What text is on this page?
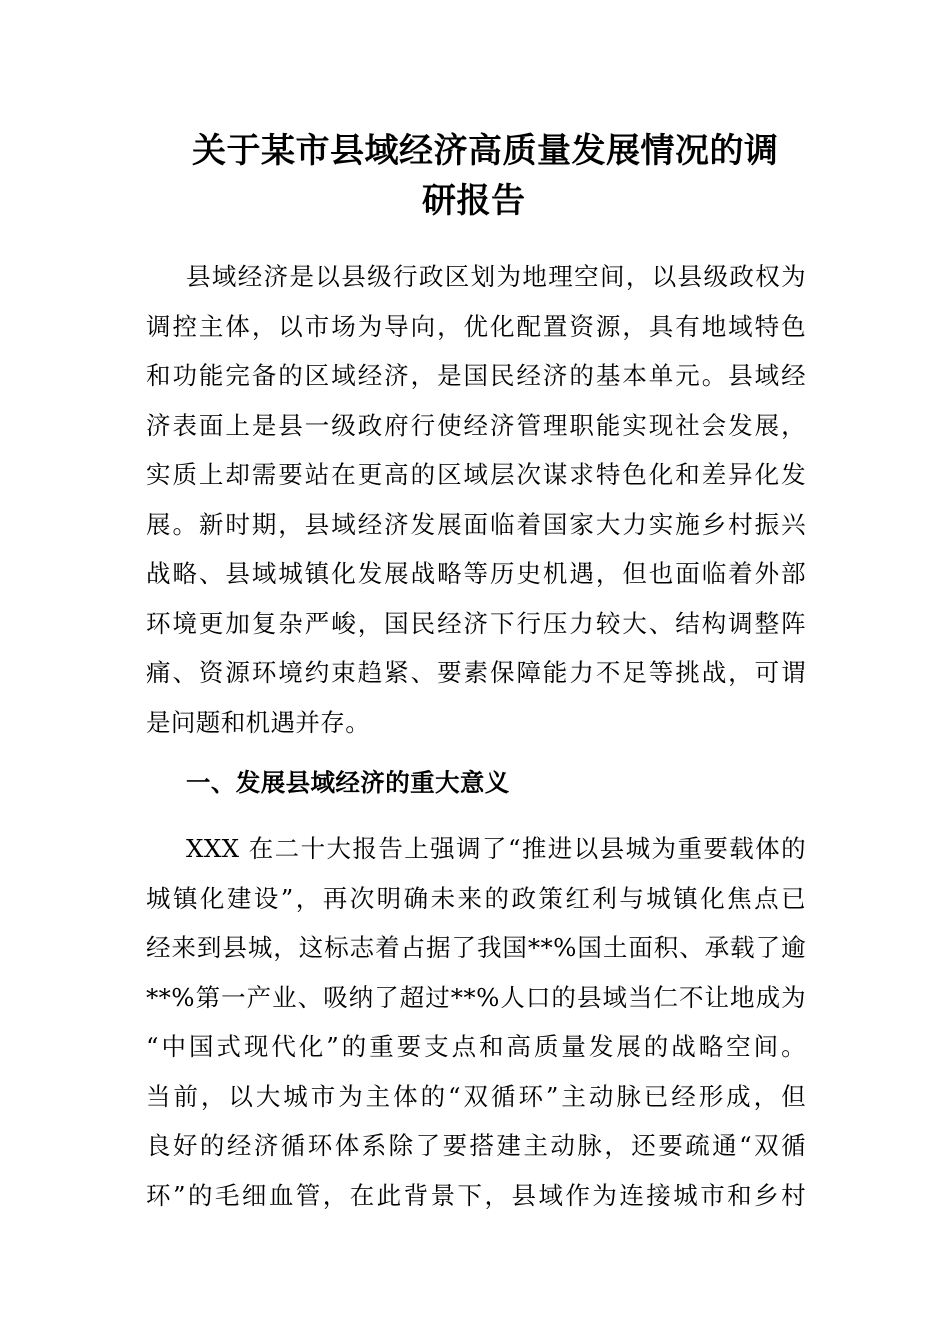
关于某市县域经济高质量发展情况的调
研报告
县域经济是以县级行政区划为地理空间，以县级政权为
调控主体，以市场为导向，优化配置资源，具有地域特色
和功能完备的区域经济，是国民经济的基本单元。县域经
济表面上是县一级政府行使经济管理职能实现社会发展，
实质上却需要站在更高的区域层次谋求特色化和差异化发
展。新时期，县域经济发展面临着国家大力实施乡村振兴
战略、县域城镇化发展战略等历史机遇，但也面临着外部
环境更加复杂严峻，国民经济下行压力较大、结构调整阵
痛、资源环境约束趋紧、要素保障能力不足等挑战，可谓
是问题和机遇并存。
一、发展县域经济的重大意义
XXX 在二十大报告上强调了“推进以县城为重要载体的
城镇化建设”，再次明确未来的政策红利与城镇化焦点已
经来到县城，这标志着占据了我国**%国土面积、承载了逾
**%第一产业、吸纳了超过**%人口的县域当仁不让地成为
“中国式现代化”的重要支点和高质量发展的战略空间。
当前，以大城市为主体的“双循环”主动脉已经形成，但
良好的经济循环体系除了要搭建主动脉，还要疏通“双循
环”的毛细血管，在此背景下，县域作为连接城市和乡村
